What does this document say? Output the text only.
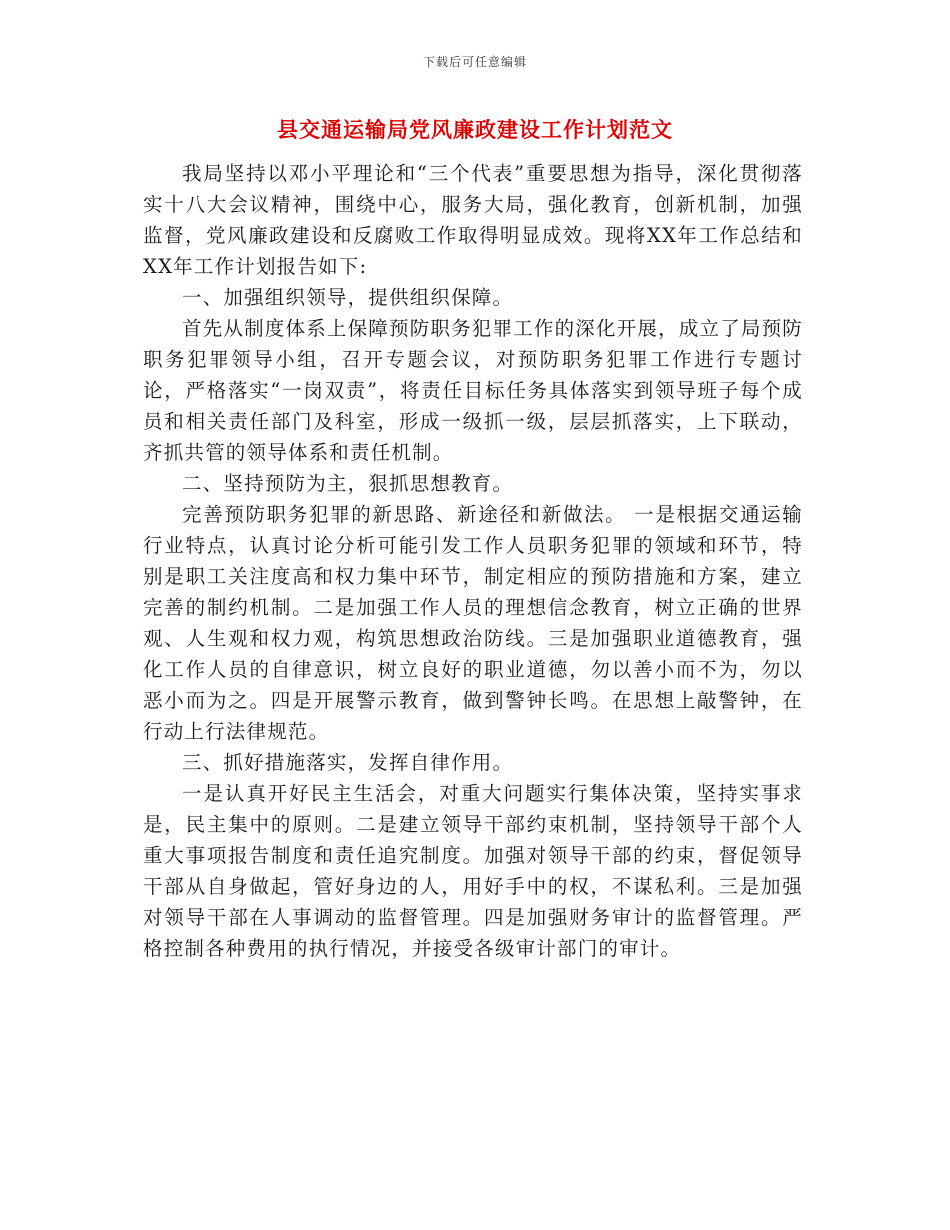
下载后可任意编辑
县交通运输局党风廉政建设工作计划范文

我局坚持以邓小平理论和“三个代表”重要思想为指导，深化贯彻落实十八大会议精神，围绕中心，服务大局，强化教育，创新机制，加强监督，党风廉政建设和反腐败工作取得明显成效。现将XX年工作总结和XX年工作计划报告如下:

一、加强组织领导，提供组织保障。

首先从制度体系上保障预防职务犯罪工作的深化开展，成立了局预防职务犯罪领导小组，召开专题会议，对预防职务犯罪工作进行专题讨论，严格落实“一岗双责”，将责任目标任务具体落实到领导班子每个成员和相关责任部门及科室，形成一级抓一级，层层抓落实，上下联动，齐抓共管的领导体系和责任机制。

二、坚持预防为主，狠抓思想教育。

完善预防职务犯罪的新思路、新途径和新做法。 一是根据交通运输行业特点，认真讨论分析可能引发工作人员职务犯罪的领域和环节，特别是职工关注度高和权力集中环节，制定相应的预防措施和方案，建立完善的制约机制。二是加强工作人员的理想信念教育，树立正确的世界观、人生观和权力观，构筑思想政治防线。三是加强职业道德教育，强化工作人员的自律意识，树立良好的职业道德，勿以善小而不为，勿以恶小而为之。四是开展警示教育，做到警钟长鸣。在思想上敲警钟，在行动上行法律规范。

三、抓好措施落实，发挥自律作用。

一是认真开好民主生活会，对重大问题实行集体决策，坚持实事求是，民主集中的原则。二是建立领导干部约束机制，坚持领导干部个人重大事项报告制度和责任追究制度。加强对领导干部的约束，督促领导干部从自身做起，管好身边的人，用好手中的权，不谋私利。三是加强对领导干部在人事调动的监督管理。四是加强财务审计的监督管理。严格控制各种费用的执行情况，并接受各级审计部门的审计。
